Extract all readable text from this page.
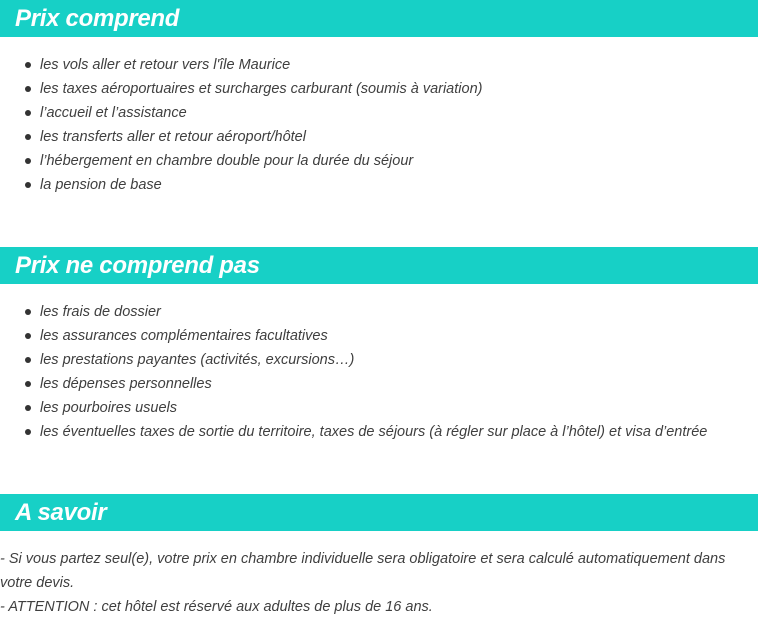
Prix comprend
les vols aller et retour vers l'île Maurice
les taxes aéroportuaires et surcharges carburant (soumis à variation)
l’accueil et l’assistance
les transferts aller et retour aéroport/hôtel
l’hébergement en chambre double pour la durée du séjour
la pension de base
Prix ne comprend pas
les frais de dossier
les assurances complémentaires facultatives
les prestations payantes (activités, excursions…)
les dépenses personnelles
les pourboires usuels
les éventuelles taxes de sortie du territoire, taxes de séjours (à régler sur place à l’hôtel) et visa d’entrée
A savoir

- Si vous partez seul(e), votre prix en chambre individuelle sera obligatoire et sera calculé automatiquement dans votre devis.

- ATTENTION : cet hôtel est réservé aux adultes de plus de 16 ans.
